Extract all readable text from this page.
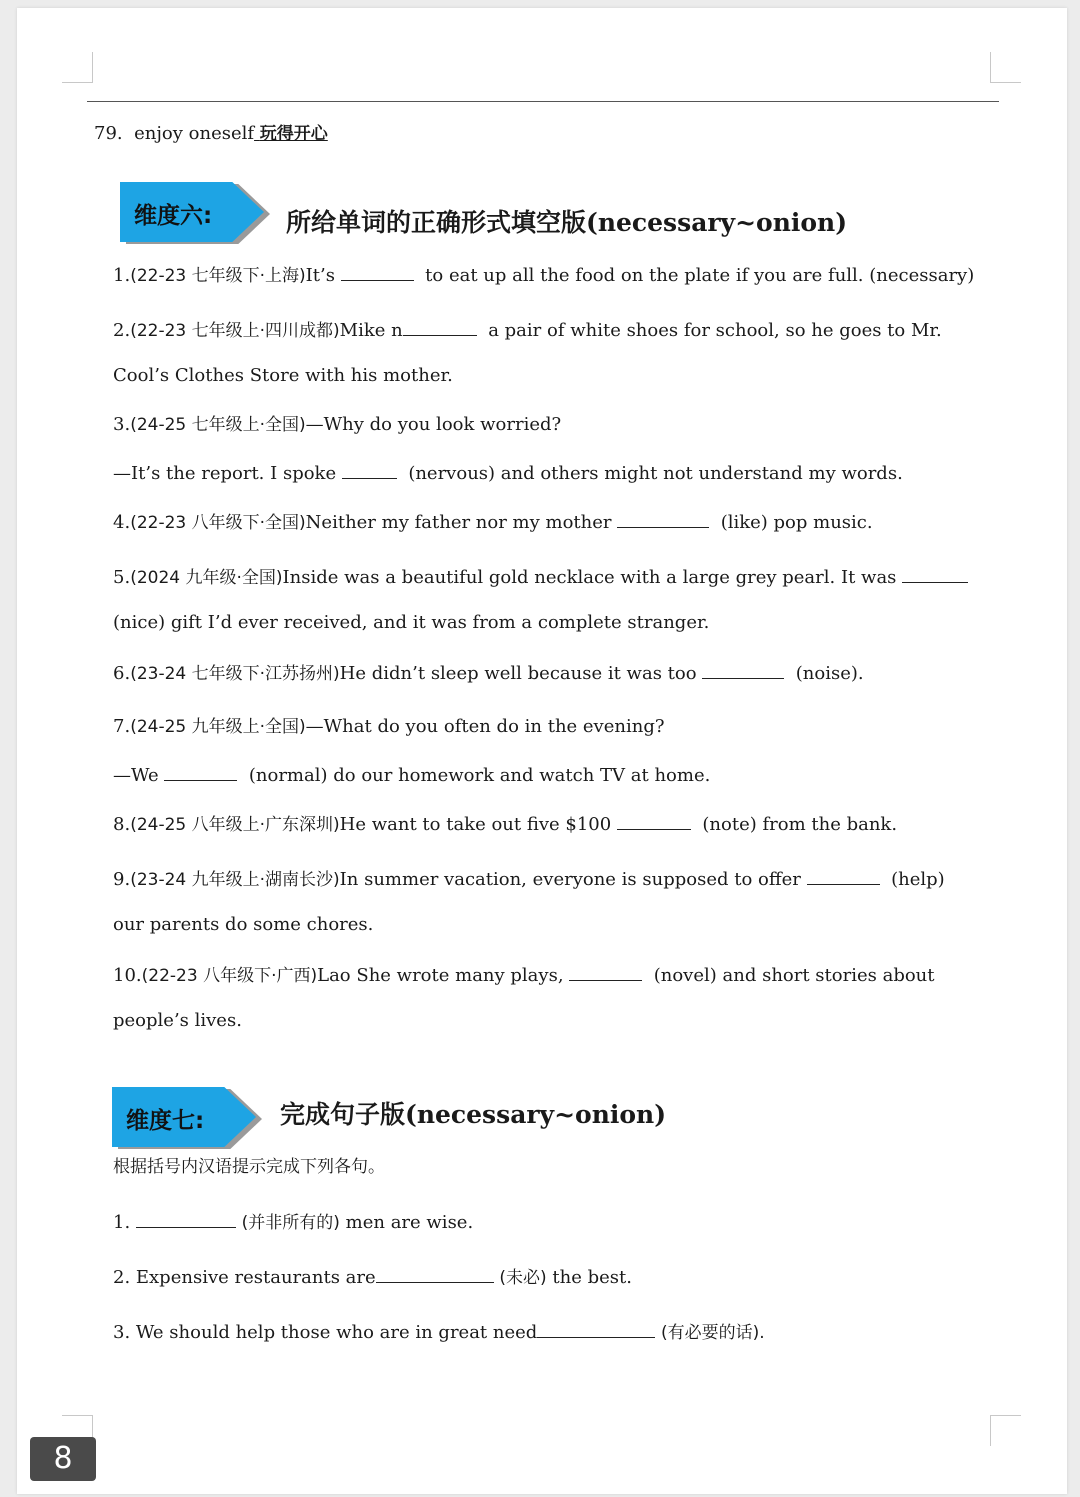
79. enjoy oneself 玩得开心
维度六:	所给单词的正确形式填空版(necessary~onion)
1.(22-23 七年级下·上海)It’s	to eat up all the food on the plate if you are full. (necessary)
2.(22-23 七年级上·四川成都)Mike n	a pair of white shoes for school, so he goes to Mr.
Cool’s Clothes Store with his mother.
3.(24-25 七年级上·全国)—Why do you look worried?
—It’s the report. I spoke	(nervous) and others might not understand my words.
4.(22-23 八年级下·全国)Neither my father nor my mother	(like) pop music.
5.(2024 九年级·全国)Inside was a beautiful gold necklace with a large grey pearl. It was
(nice) gift I’d ever received, and it was from a complete stranger.
6.(23-24 七年级下·江苏扬州)He didn’t sleep well because it was too	(noise).
7.(24-25 九年级上·全国)—What do you often do in the evening?
—We	(normal) do our homework and watch TV at home.
8.(24-25 八年级上·广东深圳)He want to take out five $100	(note) from the bank.
9.(23-24 九年级上·湖南长沙)In summer vacation, everyone is supposed to offer	(help)
our parents do some chores.
10.(22-23 八年级下·广西)Lao She wrote many plays,	(novel) and short stories about
people’s lives.
维度七:	完成句子版(necessary~onion)
根据括号内汉语提示完成下列各句。
1.	(并非所有的) men are wise.
2. Expensive restaurants are	(未必) the best.
3. We should help those who are in great need	(有必要的话).
8
